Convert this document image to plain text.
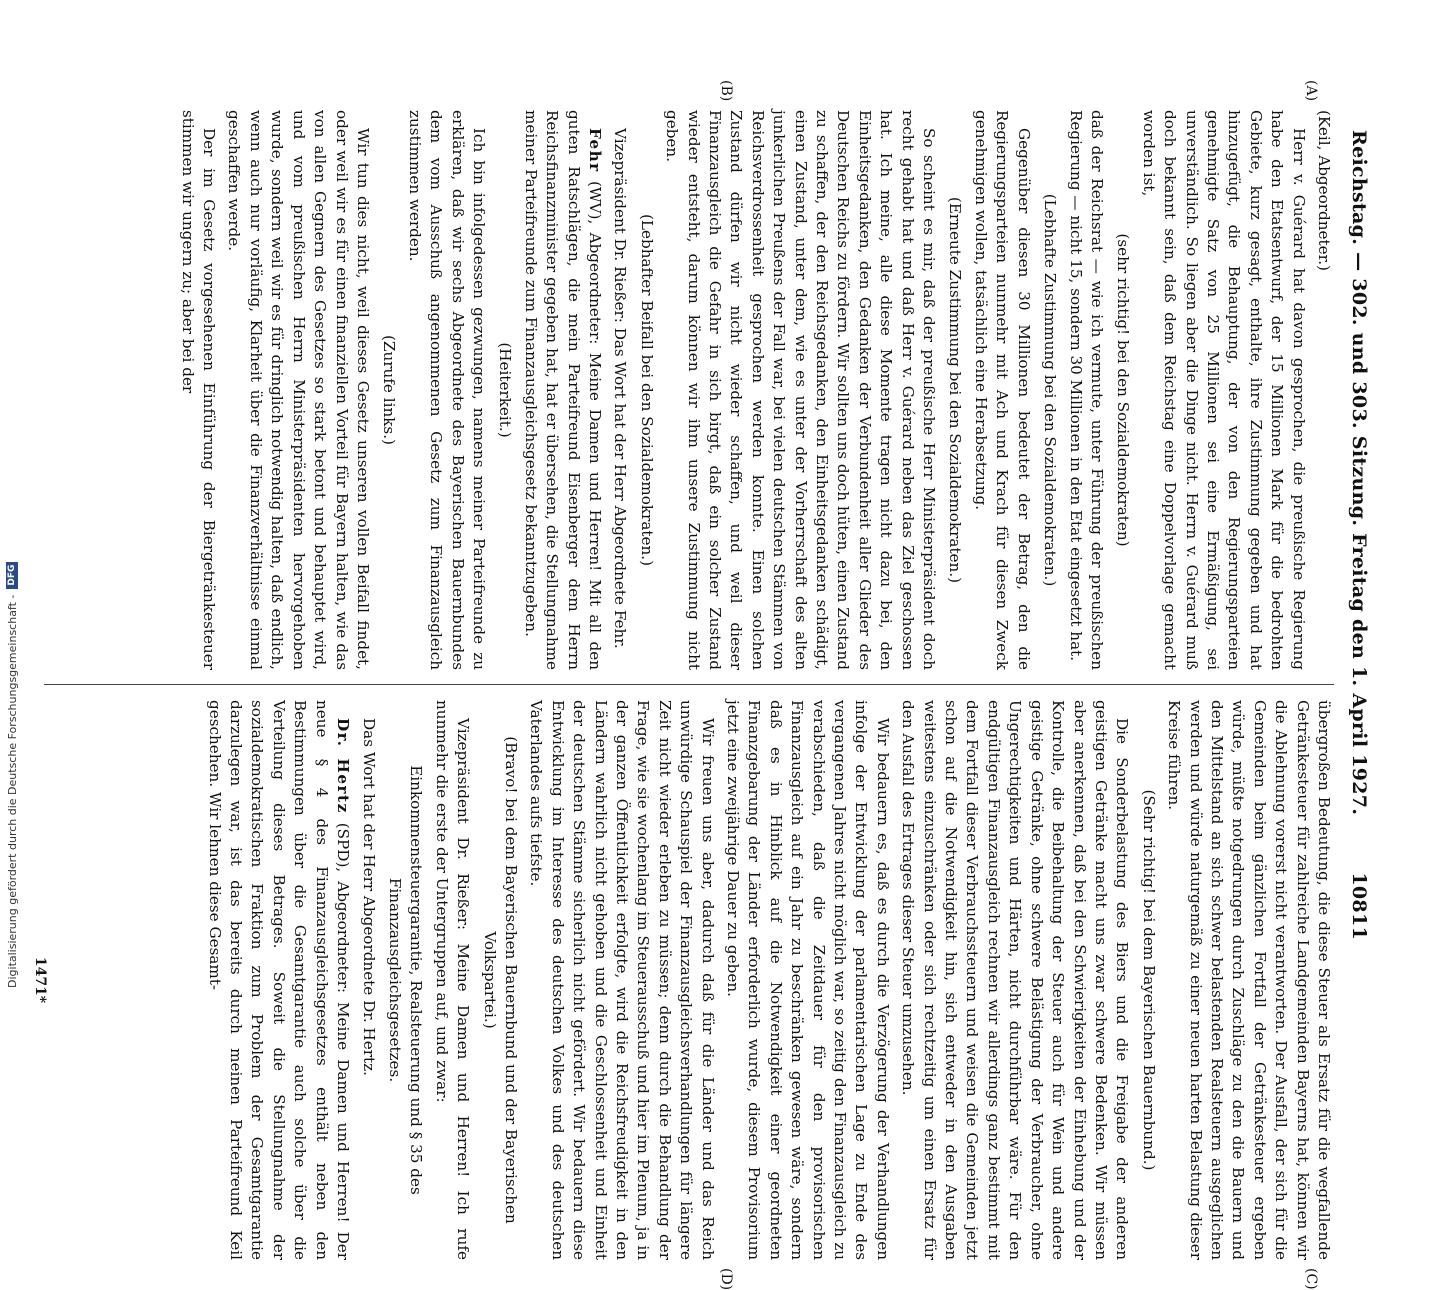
Reichstag. — 302. und 303. Sitzung. Freitag den 1. April 1927.
10811

(Keil, Abgeordneter.)

Herr v. Guérard hat davon gesprochen, die preußische Regierung habe den Etatsentwurf, der 15 Millionen Mark für die bedrohten Gebiete, kurz gesagt, enthalte, ihre Zustimmung gegeben und hat hinzugefügt, die Behauptung, der von den Regierungsparteien genehmigte Satz von 25 Millionen sei eine Ermäßigung, sei unverständlich. So liegen aber die Dinge nicht. Herrn v. Guérard muß doch bekannt sein, daß dem Reichstag eine Doppelvorlage gemacht worden ist,

(sehr richtig! bei den Sozialdemokraten)

daß der Reichsrat — wie ich vermute, unter Führung der preußischen Regierung — nicht 15, sondern 30 Millionen in den Etat eingesetzt hat.

(Lebhafte Zustimmung bei den Sozialdemokraten.)

Gegenüber diesen 30 Millionen bedeutet der Betrag, den die Regierungsparteien nunmehr mit Ach und Krach für diesen Zweck genehmigen wollen, tatsächlich eine Herabsetzung.

(Erneute Zustimmung bei den Sozialdemokraten.)

So scheint es mir, daß der preußische Herr Ministerpräsident doch recht gehabt hat und daß Herr v. Guérard neben das Ziel geschossen hat. Ich meine, alle diese Momente tragen nicht dazu bei, den Einheitsgedanken, den Gedanken der Verbundenheit aller Glieder des Deutschen Reichs zu fördern. Wir sollten uns doch hüten, einen Zustand zu schaffen, der den Reichsgedanken, den Einheitsgedanken schädigt, einen Zustand, unter dem, wie es unter der Vorherrschaft des alten junkerlichen Preußens der Fall war, bei vielen deutschen Stämmen von Reichsverdrossenheit gesprochen werden konnte. Einen solchen Zustand dürfen wir nicht wieder schaffen, und weil dieser Finanzausgleich die Gefahr in sich birgt, daß ein solcher Zustand wieder entsteht, darum können wir ihm unsere Zustimmung nicht geben.

(Lebhafter Beifall bei den Sozialdemokraten.)

Vizepräsident Dr. Rießer: Das Wort hat der Herr Abgeordnete Fehr.

Fehr (WV), Abgeordneter: Meine Damen und Herren! Mit all den guten Ratschlägen, die mein Parteifreund Eisenberger dem Herrn Reichsfinanzminister gegeben hat, hat er übersehen, die Stellungnahme meiner Parteifreunde zum Finanzausgleichsgesetz bekanntzugeben.

(Heiterkeit.)

Ich bin infolgedessen gezwungen, namens meiner Parteifreunde zu erklären, daß wir sechs Abgeordnete des Bayerischen Bauernbundes dem vom Ausschuß angenommenen Gesetz zum Finanzausgleich zustimmen werden.

(Zurufe links.)

Wir tun dies nicht, weil dieses Gesetz unseren vollen Beifall findet, oder weil wir es für einen finanziellen Vorteil für Bayern halten, wie das von allen Gegnern des Gesetzes so stark betont und behauptet wird, und vom preußischen Herrn Ministerpräsidenten hervorgehoben wurde, sondern weil wir es für dringlich notwendig halten, daß endlich, wenn auch nur vorläufig, Klarheit über die Finanzverhältnisse einmal geschaffen werde.

Der im Gesetz vorgesehenen Einführung der Biergetränkesteuer stimmen wir ungern zu; aber bei der

übergroßen Bedeutung, die diese Steuer als Ersatz für die wegfallende Getränkesteuer für zahlreiche Landgemeinden Bayerns hat, können wir die Ablehnung vorerst nicht verantworten. Der Ausfall, der sich für die Gemeinden beim gänzlichen Fortfall der Getränkesteuer ergeben würde, müßte notgedrungen durch Zuschläge zu den die Bauern und den Mittelstand an sich schwer belastenden Realsteuern ausgeglichen werden und würde naturgemäß zu einer neuen harten Belastung dieser Kreise führen.

(Sehr richtig! bei dem Bayerischen Bauernbund.)

Die Sonderbelastung des Biers und die Freigabe der anderen geistigen Getränke macht uns zwar schwere Bedenken. Wir müssen aber anerkennen, daß bei den Schwierigkeiten der Einhebung und der Kontrolle, die Beibehaltung der Steuer auch für Wein und andere geistige Getränke, ohne schwere Belästigung der Verbraucher, ohne Ungerechtigkeiten und Härten, nicht durchführbar wäre. Für den endgültigen Finanzausgleich rechnen wir allerdings ganz bestimmt mit dem Fortfall dieser Verbrauchssteuern und weisen die Gemeinden jetzt schon auf die Notwendigkeit hin, sich entweder in den Ausgaben weitestens einzuschränken oder sich rechtzeitig um einen Ersatz für den Ausfall des Ertrages dieser Steuer umzusehen.

Wir bedauern es, daß es durch die Verzögerung der Verhandlungen infolge der Entwicklung der parlamentarischen Lage zu Ende des vergangenen Jahres nicht möglich war, so zeitig den Finanzausgleich zu verabschieden, daß die Zeitdauer für den provisorischen Finanzausgleich auf ein Jahr zu beschränken gewesen wäre, sondern daß es in Hinblick auf die Notwendigkeit einer geordneten Finanzgebarung der Länder erforderlich wurde, diesem Provisorium jetzt eine zweijährige Dauer zu geben.

Wir freuen uns aber, dadurch daß für die Länder und das Reich unwürdige Schauspiel der Finanzausgleichsverhandlungen für längere Zeit nicht wieder erleben zu müssen; denn durch die Behandlung der Frage, wie sie wochenlang im Steuerausschuß und hier im Plenum, ja in der ganzen Öffentlichkeit erfolgte, wird die Reichsfreudigkeit in den Ländern wahrlich nicht gehoben und die Geschlossenheit und Einheit der deutschen Stämme sicherlich nicht gefördert. Wir bedauern diese Entwicklung im Interesse des deutschen Volkes und des deutschen Vaterlandes aufs tiefste.

(Bravo! bei dem Bayerischen Bauernbund und der Bayerischen Volkspartei.)

Vizepräsident Dr. Rießer: Meine Damen und Herren! Ich rufe nunmehr die erste der Untergruppen auf, und zwar:

Einkommensteuergarantie, Realsteuerung und § 35 des Finanzausgleichsgesetzes.

Das Wort hat der Herr Abgeordnete Dr. Hertz.

Dr. Hertz (SPD), Abgeordneter: Meine Damen und Herren! Der neue § 4 des Finanzausgleichsgesetzes enthält neben den Bestimmungen über die Gesamtgarantie auch solche über die Verteilung dieses Betrages. Soweit die Stellungnahme der sozialdemokratischen Fraktion zum Problem der Gesamtgarantie darzulegen war, ist das bereits durch meinen Parteifreund Keil geschehen. Wir lehnen diese Gesamt-

(A)
(B)
(C)
(D)
1471*
Digitalisierung gefördert durch die Deutsche Forschungsgemeinschaft -
DFG
